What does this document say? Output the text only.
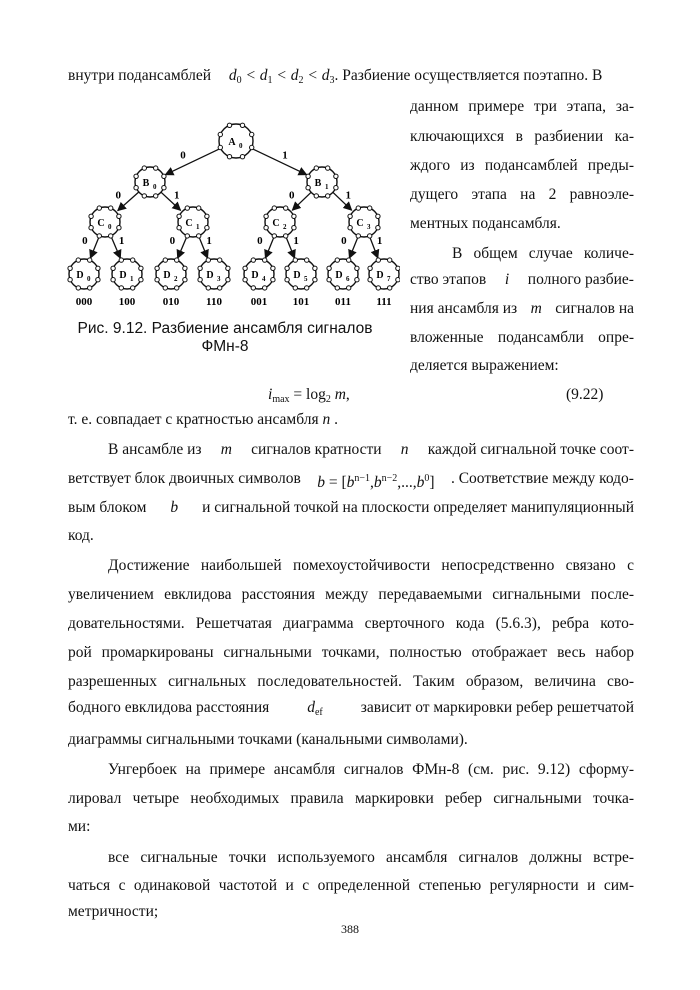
внутри подансамблей $d_0 < d_1 < d_2 < d_3$. Разбиение осуществляется поэтапно. В
данном примере три этапа, за-
ключающихся в разбиении ка-
ждого из подансамблей преды-
дущего этапа на 2 равноэле-
ментных подансамбля.
В общем случае количе-
ство этапов i полного разбие-
ния ансамбля из m сигналов на
вложенные подансамбли опре-
деляется выражением:
A 0
B 0	B 1
C 0	C 1	C 2	C 3
D 0	D 1	D 2	D 3	D 4	D 5	D 6	D 7
0	1
0	1	0	1
0	1	0	1	0	1	0	1
000 100	010 110	001 101 011 111
Рис. 9.12. Разбиение ансамбля сигналов
ФМн-8
$i_{max} = \log_2 m$,	(9.22)
т. е. совпадает с кратностью ансамбля n .
В ансамбле из m сигналов кратности n каждой сигнальной точке соот-
ветствует блок двоичных символов $b = [b^{n-1},b^{n-2},...,b^0]$ . Соответствие между кодо-
вым блоком b и сигнальной точкой на плоскости определяет манипуляционный
код.
Достижение наибольшей помехоустойчивости непосредственно связано с
увеличением евклидова расстояния между передаваемыми сигнальными после-
довательностями. Решетчатая диаграмма сверточного кода (5.6.3), ребра кото-
рой промаркированы сигнальными точками, полностью отображает весь набор
разрешенных сигнальных последовательностей. Таким образом, величина сво-
бодного евклидова расстояния $d_{ef}$ зависит от маркировки ребер решетчатой
диаграммы сигнальными точками (канальными символами).
Унгербоек на примере ансамбля сигналов ФМн-8 (см. рис. 9.12) сформу-
лировал четыре необходимых правила маркировки ребер сигнальными точка-
ми:
все сигнальные точки используемого ансамбля сигналов должны встре-
чаться с одинаковой частотой и с определенной степенью регулярности и сим-
метричности;
388
